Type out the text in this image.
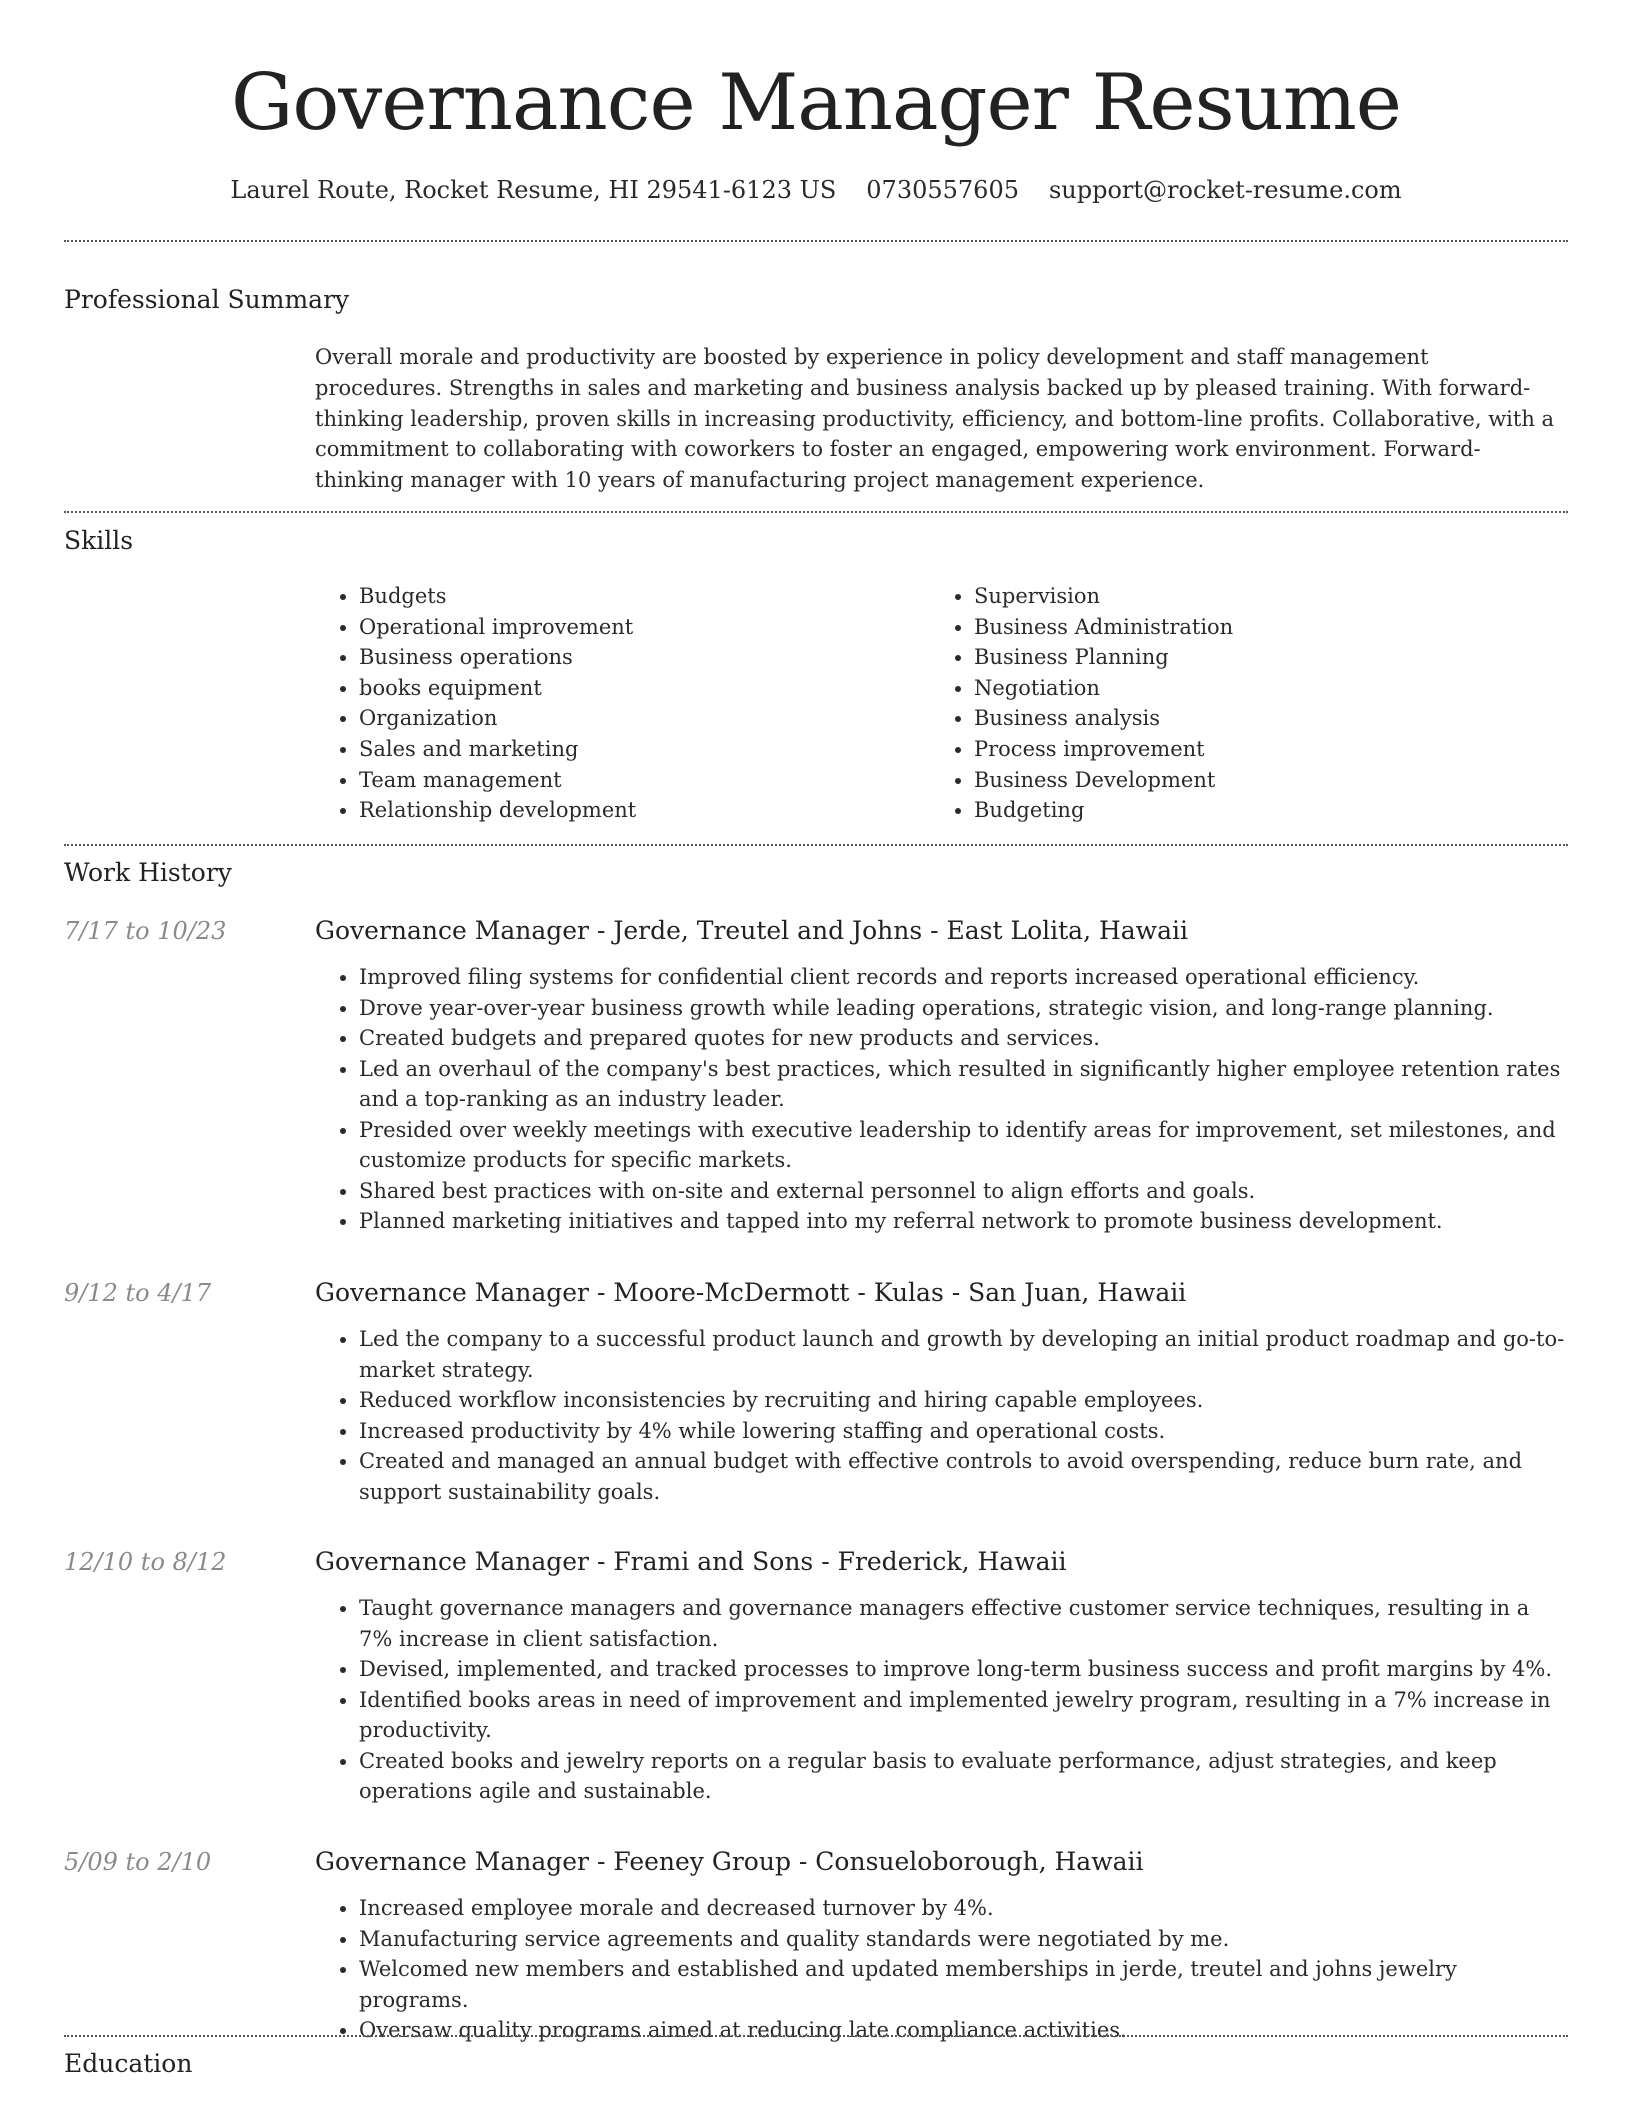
Governance Manager Resume
Laurel Route, Rocket Resume, HI 29541-6123 US 0730557605 support@rocket-resume.com
Professional Summary
Overall morale and productivity are boosted by experience in policy development and staff management procedures. Strengths in sales and marketing and business analysis backed up by pleased training. With forward-thinking leadership, proven skills in increasing productivity, efficiency, and bottom-line profits. Collaborative, with a commitment to collaborating with coworkers to foster an engaged, empowering work environment. Forward-thinking manager with 10 years of manufacturing project management experience.
Skills
• Budgets
• Operational improvement
• Business operations
• books equipment
• Organization
• Sales and marketing
• Team management
• Relationship development
• Supervision
• Business Administration
• Business Planning
• Negotiation
• Business analysis
• Process improvement
• Business Development
• Budgeting
Work History
7/17 to 10/23	Governance Manager - Jerde, Treutel and Johns - East Lolita, Hawaii
• Improved filing systems for confidential client records and reports increased operational efficiency.
• Drove year-over-year business growth while leading operations, strategic vision, and long-range planning.
• Created budgets and prepared quotes for new products and services.
• Led an overhaul of the company's best practices, which resulted in significantly higher employee retention rates and a top-ranking as an industry leader.
• Presided over weekly meetings with executive leadership to identify areas for improvement, set milestones, and customize products for specific markets.
• Shared best practices with on-site and external personnel to align efforts and goals.
• Planned marketing initiatives and tapped into my referral network to promote business development.
9/12 to 4/17	Governance Manager - Moore-McDermott - Kulas - San Juan, Hawaii
• Led the company to a successful product launch and growth by developing an initial product roadmap and go-to-market strategy.
• Reduced workflow inconsistencies by recruiting and hiring capable employees.
• Increased productivity by 4% while lowering staffing and operational costs.
• Created and managed an annual budget with effective controls to avoid overspending, reduce burn rate, and support sustainability goals.
12/10 to 8/12	Governance Manager - Frami and Sons - Frederick, Hawaii
• Taught governance managers and governance managers effective customer service techniques, resulting in a 7% increase in client satisfaction.
• Devised, implemented, and tracked processes to improve long-term business success and profit margins by 4%.
• Identified books areas in need of improvement and implemented jewelry program, resulting in a 7% increase in productivity.
• Created books and jewelry reports on a regular basis to evaluate performance, adjust strategies, and keep operations agile and sustainable.
5/09 to 2/10	Governance Manager - Feeney Group - Consueloborough, Hawaii
• Increased employee morale and decreased turnover by 4%.
• Manufacturing service agreements and quality standards were negotiated by me.
• Welcomed new members and established and updated memberships in jerde, treutel and johns jewelry programs.
• Oversaw quality programs aimed at reducing late compliance activities.
Education
